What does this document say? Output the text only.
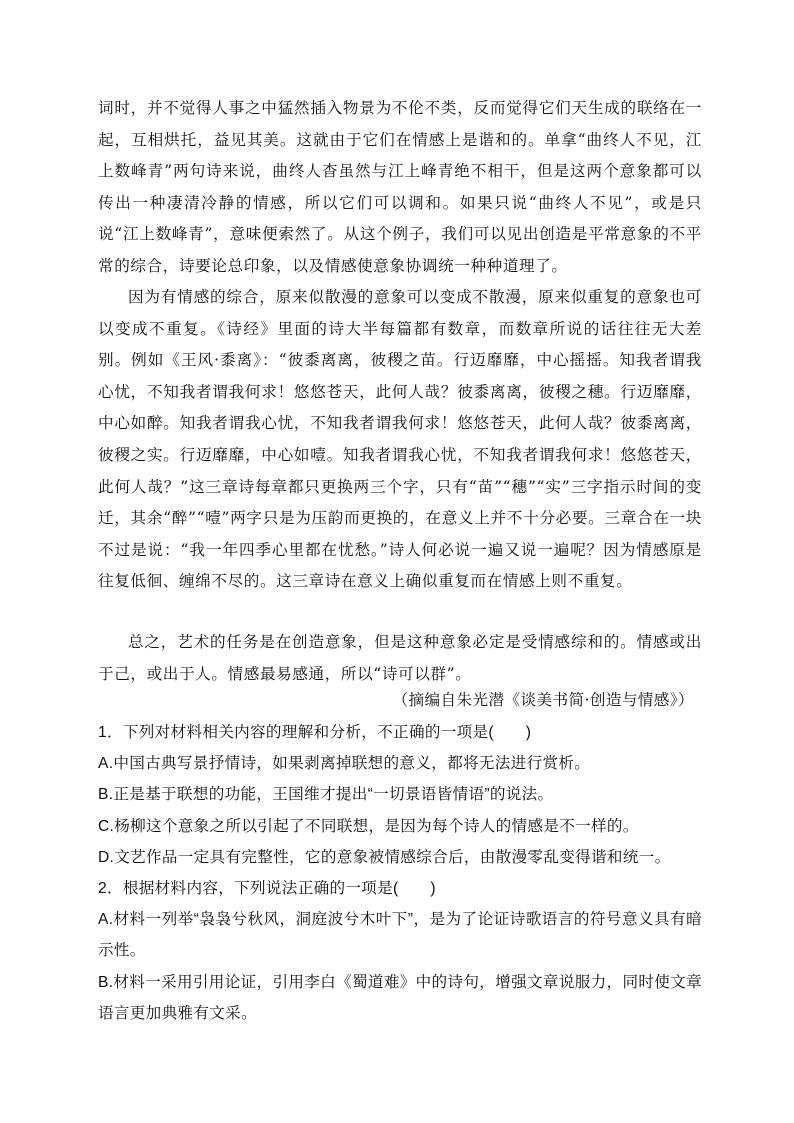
词时，并不觉得人事之中猛然插入物景为不伦不类，反而觉得它们天生成的联络在一起，互相烘托，益见其美。这就由于它们在情感上是谐和的。单拿“曲终人不见，江上数峰青”两句诗来说，曲终人杳虽然与江上峰青绝不相干，但是这两个意象都可以传出一种凄清冷静的情感，所以它们可以调和。如果只说“曲终人不见”，或是只说“江上数峰青”，意味便索然了。从这个例子，我们可以见出创造是平常意象的不平常的综合，诗要论总印象，以及情感使意象协调统一种种道理了。

因为有情感的综合，原来似散漫的意象可以变成不散漫，原来似重复的意象也可以变成不重复。《诗经》里面的诗大半每篇都有数章，而数章所说的话往往无大差别。例如《王风·黍离》：“彼黍离离，彼稷之苗。行迈靡靡，中心摇摇。知我者谓我心忧，不知我者谓我何求！悠悠苍天，此何人哉？彼黍离离，彼稷之穗。行迈靡靡，中心如醉。知我者谓我心忧，不知我者谓我何求！悠悠苍天，此何人哉？彼黍离离，彼稷之实。行迈靡靡，中心如噎。知我者谓我心忧，不知我者谓我何求！悠悠苍天，此何人哉？”这三章诗每章都只更换两三个字，只有“苗”“穗”“实”三字指示时间的变迁，其余“醉”“噎”两字只是为压韵而更换的，在意义上并不十分必要。三章合在一块不过是说：“我一年四季心里都在忧愁。”诗人何必说一遍又说一遍呢？因为情感原是往复低徊、缠绵不尽的。这三章诗在意义上确似重复而在情感上则不重复。

总之，艺术的任务是在创造意象，但是这种意象必定是受情感综和的。情感或出于己，或出于人。情感最易感通，所以“诗可以群”。

（摘编自朱光潜《谈美书简·创造与情感》）

1．下列对材料相关内容的理解和分析，不正确的一项是(　　)
A.中国古典写景抒情诗，如果剥离掉联想的意义，都将无法进行赏析。
B.正是基于联想的功能，王国维才提出“一切景语皆情语”的说法。
C.杨柳这个意象之所以引起了不同联想，是因为每个诗人的情感是不一样的。
D.文艺作品一定具有完整性，它的意象被情感综合后，由散漫零乱变得谐和统一。
2．根据材料内容，下列说法正确的一项是(　　)
A.材料一列举“袅袅兮秋风，洞庭波兮木叶下”，是为了论证诗歌语言的符号意义具有暗示性。
B.材料一采用引用论证，引用李白《蜀道难》中的诗句，增强文章说服力，同时使文章语言更加典雅有文采。
